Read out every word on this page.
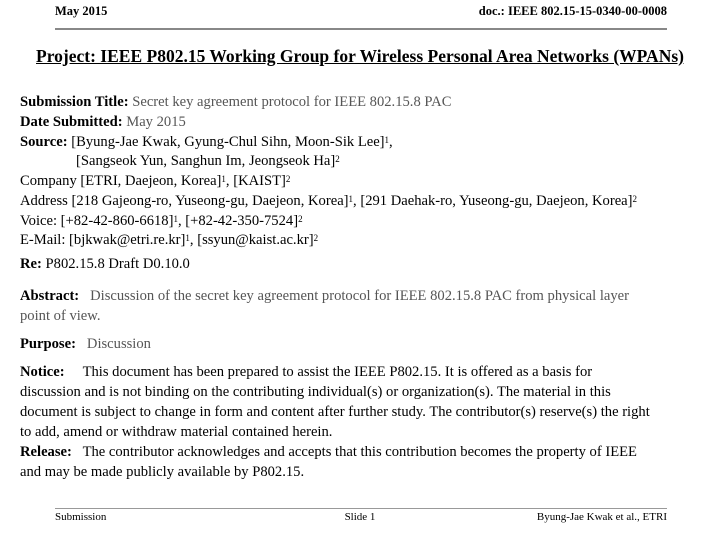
May 2015	doc.: IEEE 802.15-15-0340-00-0008
Project: IEEE P802.15 Working Group for Wireless Personal Area Networks (WPANs)
Submission Title: Secret key agreement protocol for IEEE 802.15.8 PAC
Date Submitted: May 2015
Source: [Byung-Jae Kwak, Gyung-Chul Sihn, Moon-Sik Lee]$^1$,
[Sangseok Yun, Sanghun Im, Jeongseok Ha]$^2$
Company [ETRI, Daejeon, Korea]$^1$, [KAIST]$^2$
Address [218 Gajeong-ro, Yuseong-gu, Daejeon, Korea]$^1$, [291 Daehak-ro, Yuseong-gu, Daejeon, Korea]$^2$
Voice: $[+82-42-860-6618]^1$, $[+82-42-350-7524]^2$
E-Mail: [bjkwak@etri.re.kr]$^1$, [ssyun@kaist.ac.kr]$^2$
Re: P802.15.8 Draft D0.10.0
Abstract: Discussion of the secret key agreement protocol for IEEE 802.15.8 PAC from physical layer
point of view.
Purpose: Discussion
Notice: This document has been prepared to assist the IEEE P802.15. It is offered as a basis for
discussion and is not binding on the contributing individual(s) or organization(s). The material in this
document is subject to change in form and content after further study. The contributor(s) reserve(s) the right
to add, amend or withdraw material contained herein.
Release: The contributor acknowledges and accepts that this contribution becomes the property of IEEE
and may be made publicly available by P802.15.
Submission	Slide 1	Byung-Jae Kwak et al., ETRI
